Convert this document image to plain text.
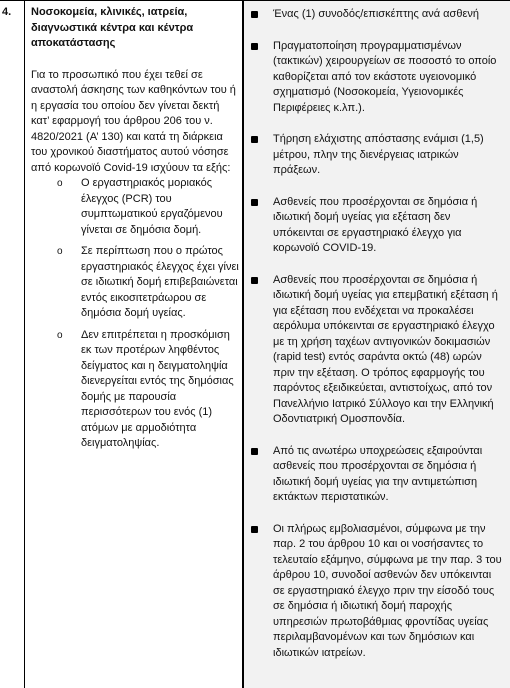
4. Νοσοκομεία, κλινικές, ιατρεία, διαγνωστικά κέντρα και κέντρα αποκατάστασης

Για το προσωπικό που έχει τεθεί σε αναστολή άσκησης των καθηκόντων του ή η εργασία του οποίου δεν γίνεται δεκτή κατ’ εφαρμογή του άρθρου 206 του ν. 4820/2021 (Α’ 130) και κατά τη διάρκεια του χρονικού διαστήματος αυτού νόσησε από κορωνοϊό Covid-19 ισχύουν τα εξής:

o Ο εργαστηριακός μοριακός έλεγχος (PCR) του συμπτωματικού εργαζόμενου γίνεται σε δημόσια δομή.
o Σε περίπτωση που ο πρώτος εργαστηριακός έλεγχος έχει γίνει σε ιδιωτική δομή επιβεβαιώνεται εντός εικοσιτετράωρου σε δημόσια δομή υγείας.
o Δεν επιτρέπεται η προσκόμιση εκ των προτέρων ληφθέντος δείγματος και η δειγματοληψία διενεργείται εντός της δημόσιας δομής με παρουσία περισσότερων του ενός (1) ατόμων με αρμοδιότητα δειγματοληψίας.
Ένας (1) συνοδός/επισκέπτης ανά ασθενή
Πραγματοποίηση προγραμματισμένων (τακτικών) χειρουργείων σε ποσοστό το οποίο καθορίζεται από τον εκάστοτε υγειονομικό σχηματισμό (Νοσοκομεία, Υγειονομικές Περιφέρειες κ.λπ.).
Τήρηση ελάχιστης απόστασης ενάμισι (1,5) μέτρου, πλην της διενέργειας ιατρικών πράξεων.
Ασθενείς που προσέρχονται σε δημόσια ή ιδιωτική δομή υγείας για εξέταση δεν υπόκεινται σε εργαστηριακό έλεγχο για κορωνοϊό COVID-19.
Ασθενείς που προσέρχονται σε δημόσια ή ιδιωτική δομή υγείας για επεμβατική εξέταση ή για εξέταση που ενδέχεται να προκαλέσει αερόλυμα υπόκεινται σε εργαστηριακό έλεγχο με τη χρήση ταχέων αντιγονικών δοκιμασιών (rapid test) εντός σαράντα οκτώ (48) ωρών πριν την εξέταση. Ο τρόπος εφαρμογής του παρόντος εξειδικεύεται, αντιστοίχως, από τον Πανελλήνιο Ιατρικό Σύλλογο και την Ελληνική Οδοντιατρική Ομοσπονδία.
Από τις ανωτέρω υποχρεώσεις εξαιρούνται ασθενείς που προσέρχονται σε δημόσια ή ιδιωτική δομή υγείας για την αντιμετώπιση εκτάκτων περιστατικών.
Οι πλήρως εμβολιασμένοι, σύμφωνα με την παρ. 2 του άρθρου 10 και οι νοσήσαντες το τελευταίο εξάμηνο, σύμφωνα με την παρ. 3 του άρθρου 10, συνοδοί ασθενών δεν υπόκεινται σε εργαστηριακό έλεγχο πριν την είσοδό τους σε δημόσια ή ιδιωτική δομή παροχής υπηρεσιών πρωτοβάθμιας φροντίδας υγείας περιλαμβανομένων και των δημόσιων και ιδιωτικών ιατρείων.
